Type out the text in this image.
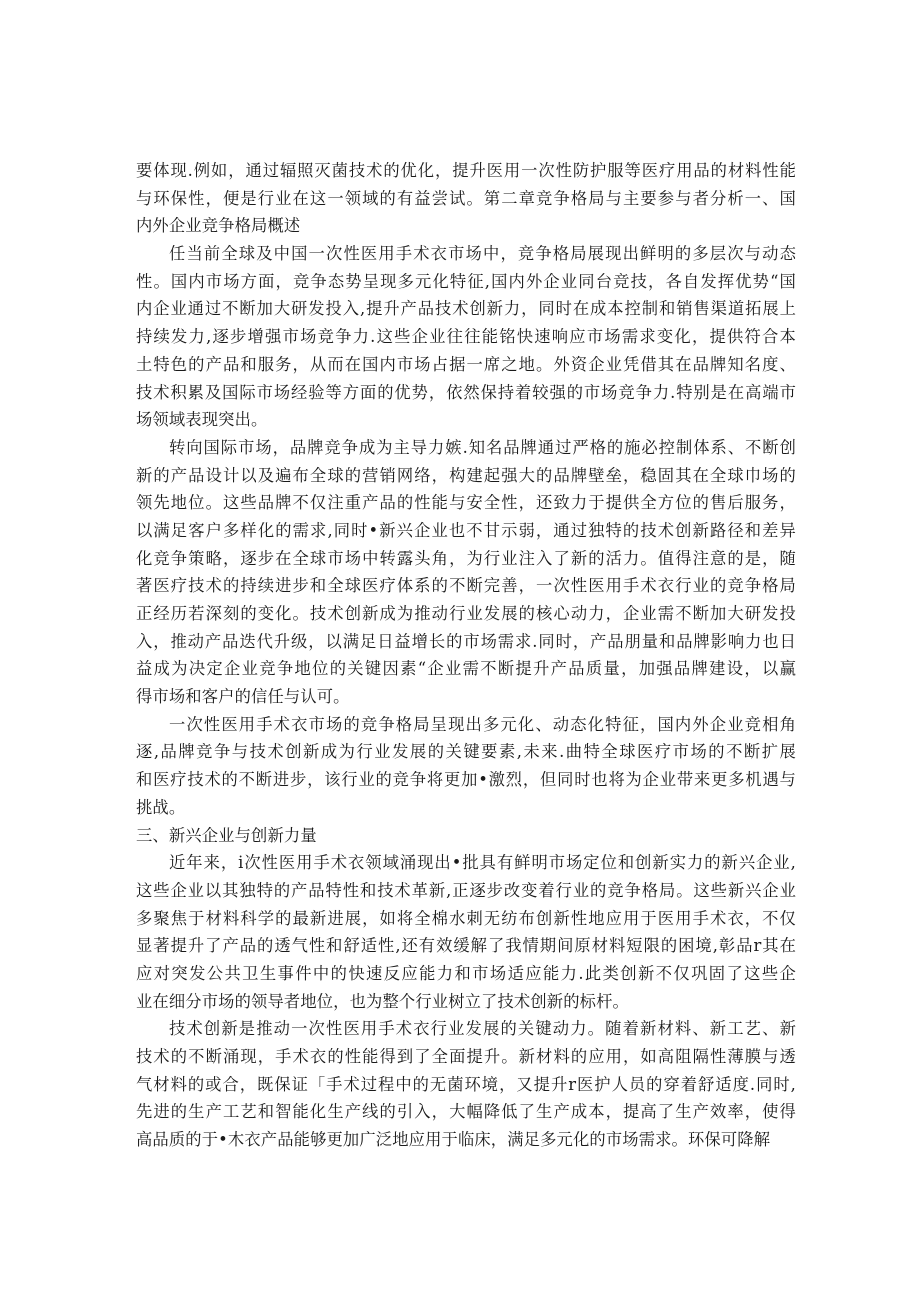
要体现.例如，通过辐照灭菌技术的优化，提升医用一次性防护服等医疗用品的材料性能
与环保性，便是行业在这一领域的有益尝试。第二章竞争格局与主要参与者分析一、国
内外企业竞争格局概述
任当前全球及中国一次性医用手术衣市场中，竞争格局展现出鲜明的多层次与动态
性。国内市场方面，竞争态势呈现多元化特征,国内外企业同台竞技，各自发挥优势“国
内企业通过不断加大研发投入,提升产品技术创新力，同时在成本控制和销售渠道拓展上
持续发力,逐步增强市场竞争力.这些企业往往能铭快速响应市场需求变化，提供符合本
土特色的产品和服务，从而在国内市场占据一席之地。外资企业凭借其在品牌知名度、
技术积累及国际市场经验等方面的优势，依然保持着较强的市场竞争力.特别是在高端市
场领域表现突出。
转向国际市场，品牌竞争成为主导力嫉.知名品牌通过严格的施必控制体系、不断创
新的产品设计以及遍布全球的营销网络，构建起强大的品牌壁垒，稳固其在全球巾场的
领先地位。这些品牌不仅注重产品的性能与安全性，还致力于提供全方位的售后服务，
以满足客户多样化的需求,同时•新兴企业也不甘示弱，通过独特的技术创新路径和差异
化竞争策略，逐步在全球市场中转露头角，为行业注入了新的活力。值得注意的是，随
著医疗技术的持续进步和全球医疗体系的不断完善，一次性医用手术衣行业的竞争格局
正经历若深刻的变化。技术创新成为推动行业发展的核心动力，企业需不断加大研发投
入，推动产品迭代升级，以满足日益增长的市场需求.同时，产品朋量和品牌影响力也日
益成为决定企业竞争地位的关键因素“企业需不断提升产品质量，加强品牌建设，以赢
得市场和客户的信任与认可。
一次性医用手术衣市场的竞争格局呈现出多元化、动态化特征，国内外企业竞相角
逐,品牌竞争与技术创新成为行业发展的关键要素,未来.曲特全球医疗市场的不断扩展
和医疗技术的不断进步，该行业的竞争将更加•激烈，但同时也将为企业带来更多机遇与
挑战。
三、新兴企业与创新力量
近年来，i次性医用手术衣领域涌现出•批具有鲜明市场定位和创新实力的新兴企业,
这些企业以其独特的产品特性和技术革新,正逐步改变着行业的竞争格局。这些新兴企业
多聚焦于材料科学的最新进展，如将全棉水刺无纺布创新性地应用于医用手术衣，不仅
显著提升了产品的透气性和舒适性,还有效缓解了我情期间原材料短限的困境,彰品r其在
应对突发公共卫生事件中的快速反应能力和市场适应能力.此类创新不仅巩固了这些企
业在细分市场的领导者地位，也为整个行业树立了技术创新的标杆。
技术创新是推动一次性医用手术衣行业发展的关键动力。随着新材料、新工艺、新
技术的不断涌现，手术衣的性能得到了全面提升。新材料的应用，如高阻隔性薄膜与透
气材料的或合，既保证「手术过程中的无菌环境，又提升r医护人员的穿着舒适度.同时,
先进的生产工艺和智能化生产线的引入，大幅降低了生产成本，提高了生产效率，使得
高品质的于•木衣产品能够更加广泛地应用于临床，满足多元化的市场需求。环保可降解
